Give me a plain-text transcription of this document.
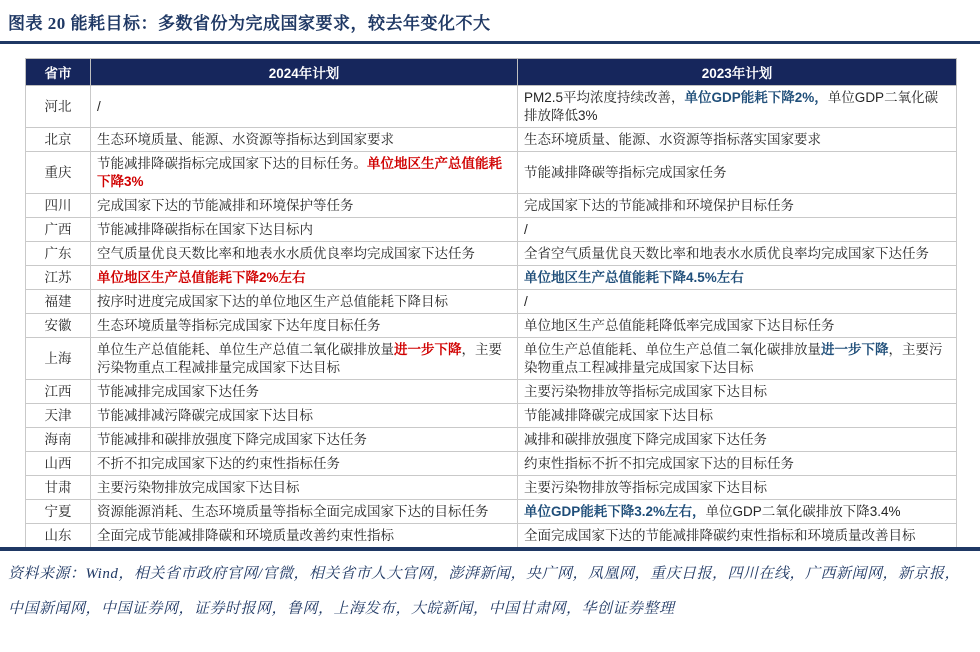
图表 20 能耗目标：多数省份为完成国家要求，较去年变化不大
省市	2024年计划	2023年计划
河北	/	PM2.5平均浓度持续改善，单位GDP能耗下降2%，单位GDP二氧化碳排放降低3%
北京	生态环境质量、能源、水资源等指标达到国家要求	生态环境质量、能源、水资源等指标落实国家要求
重庆	节能减排降碳指标完成国家下达的目标任务。单位地区生产总值能耗下降3%	节能减排降碳等指标完成国家任务
四川	完成国家下达的节能减排和环境保护等任务	完成国家下达的节能减排和环境保护目标任务
广西	节能减排降碳指标在国家下达目标内	/
广东	空气质量优良天数比率和地表水水质优良率均完成国家下达任务	全省空气质量优良天数比率和地表水水质优良率均完成国家下达任务
江苏	单位地区生产总值能耗下降2%左右	单位地区生产总值能耗下降4.5%左右
福建	按序时进度完成国家下达的单位地区生产总值能耗下降目标	/
安徽	生态环境质量等指标完成国家下达年度目标任务	单位地区生产总值能耗降低率完成国家下达目标任务
上海	单位生产总值能耗、单位生产总值二氧化碳排放量进一步下降，主要污染物重点工程减排量完成国家下达目标	单位生产总值能耗、单位生产总值二氧化碳排放量进一步下降，主要污染物重点工程减排量完成国家下达目标
江西	节能减排完成国家下达任务	主要污染物排放等指标完成国家下达目标
天津	节能减排减污降碳完成国家下达目标	节能减排降碳完成国家下达目标
海南	节能减排和碳排放强度下降完成国家下达任务	减排和碳排放强度下降完成国家下达任务
山西	不折不扣完成国家下达的约束性指标任务	约束性指标不折不扣完成国家下达的目标任务
甘肃	主要污染物排放完成国家下达目标	主要污染物排放等指标完成国家下达目标
宁夏	资源能源消耗、生态环境质量等指标全面完成国家下达的目标任务	单位GDP能耗下降3.2%左右，单位GDP二氧化碳排放下降3.4%
山东	全面完成节能减排降碳和环境质量改善约束性指标	全面完成国家下达的节能减排降碳约束性指标和环境质量改善目标
资料来源：Wind，相关省市政府官网/官微，相关省市人大官网，澎湃新闻，央广网，凤凰网，重庆日报，四川在线，广西新闻网，新京报，中国新闻网，中国证券网，证券时报网，鲁网，上海发布，大皖新闻，中国甘肃网，华创证券整理
